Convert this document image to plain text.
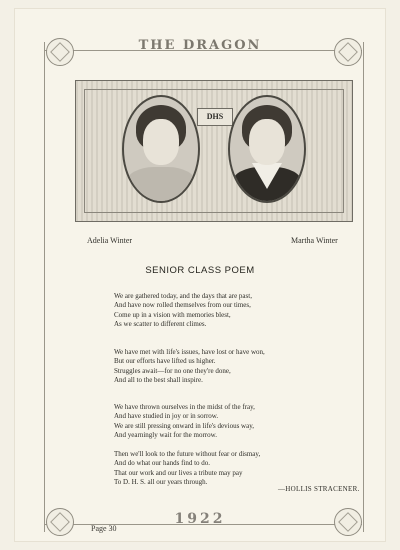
THE DRAGON
DHS
Adelia Winter	Martha Winter
SENIOR CLASS POEM
We are gathered today, and the days that are past,
And have now rolled themselves from our times,
Come up in a vision with memories blest,
As we scatter to different climes.
We have met with life's issues, have lost or have won,
But our efforts have lifted us higher.
Struggles await—for no one they're done,
And all to the best shall inspire.
We have thrown ourselves in the midst of the fray,
And have studied in joy or in sorrow.
We are still pressing onward in life's devious way,
And yearningly wait for the morrow.
Then we'll look to the future without fear or dismay,
And do what our hands find to do.
That our work and our lives a tribute may pay
To D. H. S. all our years through.
—HOLLIS STRACENER.
1922
Page 30
